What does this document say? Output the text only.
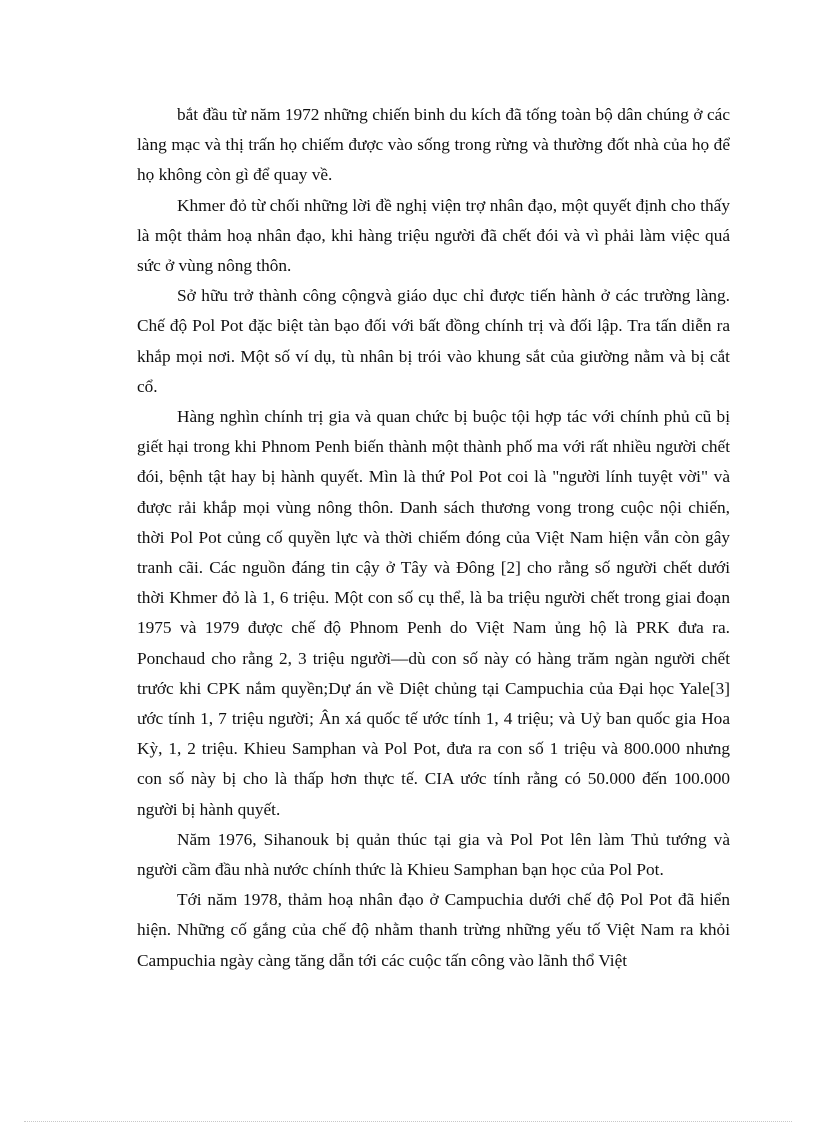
bắt đầu từ năm 1972 những chiến binh du kích đã tống toàn bộ dân chúng ở các làng mạc và thị trấn họ chiếm được vào sống trong rừng và thường đốt nhà của họ để họ không còn gì để quay về.

Khmer đỏ từ chối những lời đề nghị viện trợ nhân đạo, một quyết định cho thấy là một thảm hoạ nhân đạo, khi hàng triệu người đã chết đói và vì phải làm việc quá sức ở vùng nông thôn.

Sở hữu trở thành công cộngvà giáo dục chỉ được tiến hành ở các trường làng. Chế độ Pol Pot đặc biệt tàn bạo đối với bất đồng chính trị và đối lập. Tra tấn diễn ra khắp mọi nơi. Một số ví dụ, tù nhân bị trói vào khung sắt của giường nằm và bị cắt cổ.

Hàng nghìn chính trị gia và quan chức bị buộc tội hợp tác với chính phủ cũ bị giết hại trong khi Phnom Penh biến thành một thành phố ma với rất nhiều người chết đói, bệnh tật hay bị hành quyết. Mìn là thứ Pol Pot coi là "người lính tuyệt vời" và được rải khắp mọi vùng nông thôn. Danh sách thương vong trong cuộc nội chiến, thời Pol Pot củng cố quyền lực và thời chiếm đóng của Việt Nam hiện vẫn còn gây tranh cãi. Các nguồn đáng tin cậy ở Tây và Đông [2] cho rằng số người chết dưới thời Khmer đỏ là 1, 6 triệu. Một con số cụ thể, là ba triệu người chết trong giai đoạn 1975 và 1979 được chế độ Phnom Penh do Việt Nam ủng hộ là PRK đưa ra. Ponchaud cho rằng 2, 3 triệu người—dù con số này có hàng trăm ngàn người chết trước khi CPK nắm quyền;Dự án về Diệt chủng tại Campuchia của Đại học Yale[3] ước tính 1, 7 triệu người; Ân xá quốc tế ước tính 1, 4 triệu; và Uỷ ban quốc gia Hoa Kỳ, 1, 2 triệu. Khieu Samphan và Pol Pot, đưa ra con số 1 triệu và 800.000 nhưng con số này bị cho là thấp hơn thực tế. CIA ước tính rằng có 50.000 đến 100.000 người bị hành quyết.

Năm 1976, Sihanouk bị quản thúc tại gia và Pol Pot lên làm Thủ tướng và người cầm đầu nhà nước chính thức là Khieu Samphan bạn học của Pol Pot.

Tới năm 1978, thảm hoạ nhân đạo ở Campuchia dưới chế độ Pol Pot đã hiển hiện. Những cố gắng của chế độ nhằm thanh trừng những yếu tố Việt Nam ra khỏi Campuchia ngày càng tăng dẫn tới các cuộc tấn công vào lãnh thổ Việt
